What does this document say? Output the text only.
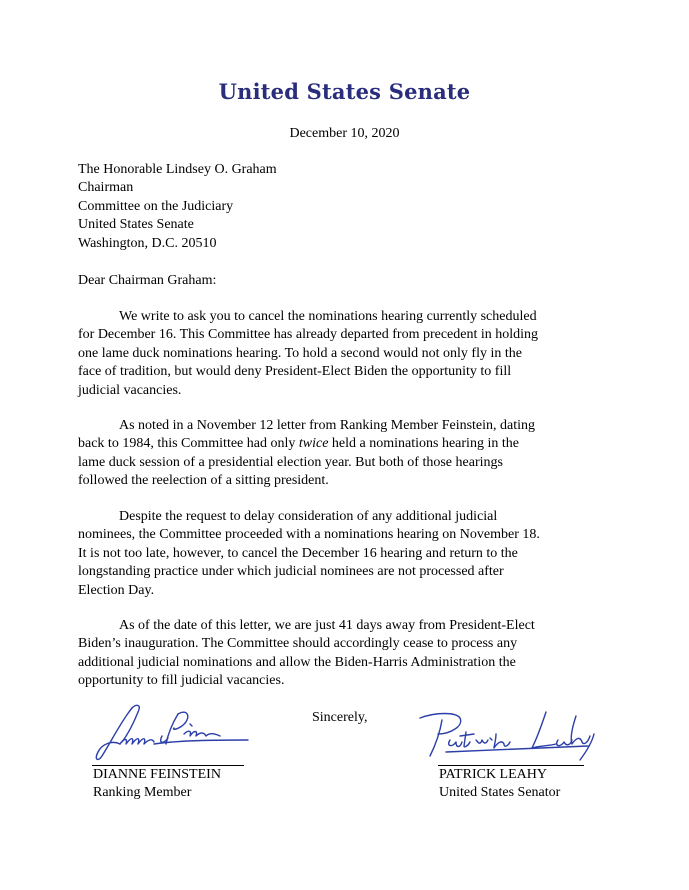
United States Senate
December 10, 2020
The Honorable Lindsey O. Graham
Chairman
Committee on the Judiciary
United States Senate
Washington, D.C. 20510
Dear Chairman Graham:
We write to ask you to cancel the nominations hearing currently scheduled
for December 16. This Committee has already departed from precedent in holding
one lame duck nominations hearing. To hold a second would not only fly in the
face of tradition, but would deny President-Elect Biden the opportunity to fill
judicial vacancies.
As noted in a November 12 letter from Ranking Member Feinstein, dating
back to 1984, this Committee had only twice held a nominations hearing in the
lame duck session of a presidential election year. But both of those hearings
followed the reelection of a sitting president.
Despite the request to delay consideration of any additional judicial
nominees, the Committee proceeded with a nominations hearing on November 18.
It is not too late, however, to cancel the December 16 hearing and return to the
longstanding practice under which judicial nominees are not processed after
Election Day.
As of the date of this letter, we are just 41 days away from President-Elect
Biden’s inauguration. The Committee should accordingly cease to process any
additional judicial nominations and allow the Biden-Harris Administration the
opportunity to fill judicial vacancies.
Sincerely,
DIANNE FEINSTEIN
Ranking Member
PATRICK LEAHY
United States Senator
